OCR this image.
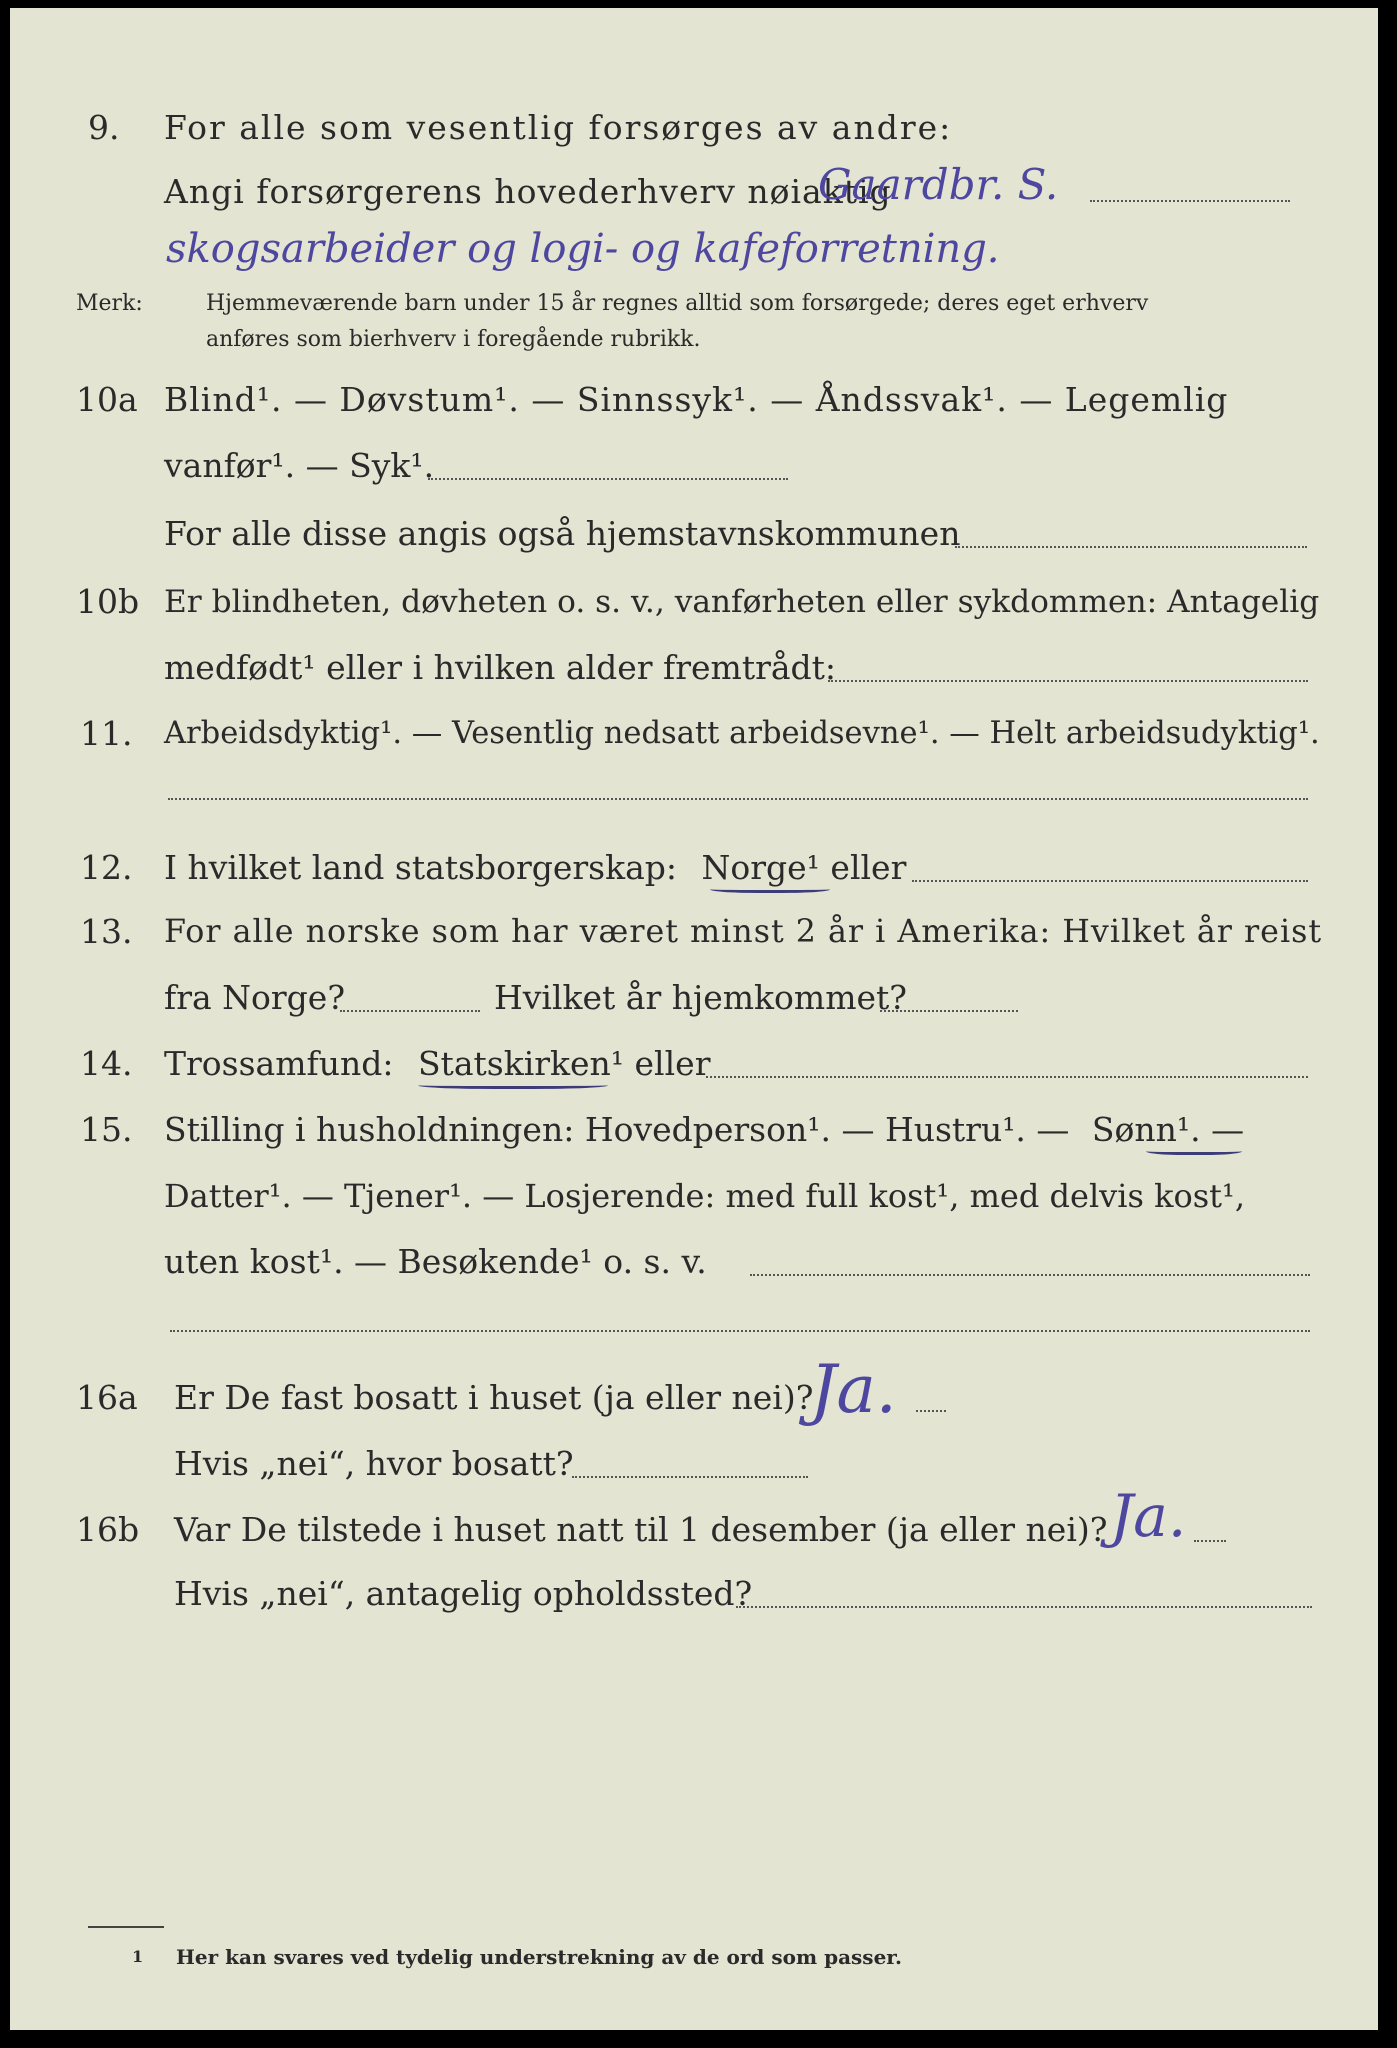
9. For alle som vesentlig forsørges av andre:
Angi forsørgerens hovederhverv nøiaktig
Gaardbr. S.
skogsarbeider og logi- og kafeforretning.
Merk:	Hjemmeværende barn under 15 år regnes alltid som forsørgede; deres eget erhverv
anføres som bierhverv i foregående rubrikk.
10a Blind¹. — Døvstum¹. — Sinnssyk¹. — Åndssvak¹. — Legemlig
vanfør¹. — Syk¹.
For alle disse angis også hjemstavnskommunen
10b Er blindheten, døvheten o. s. v., vanførheten eller sykdommen: Antagelig
medfødt¹ eller i hvilken alder fremtrådt:
11. Arbeidsdyktig¹. — Vesentlig nedsatt arbeidsevne¹. — Helt arbeidsudyktig¹.
12. I hvilket land statsborgerskap: Norge¹ eller
13. For alle norske som har været minst 2 år i Amerika: Hvilket år reist
fra Norge?	Hvilket år hjemkommet?
14. Trossamfund: Statskirken¹ eller
15. Stilling i husholdningen: Hovedperson¹. — Hustru¹. — Sønn¹. —
Datter¹. — Tjener¹. — Losjerende: med full kost¹, med delvis kost¹,
uten kost¹. — Besøkende¹ o. s. v.
16a Er De fast bosatt i huset (ja eller nei)?
Ja.
Hvis „nei“, hvor bosatt?
16b Var De tilstede i huset natt til 1 desember (ja eller nei)? Ja.
Hvis „nei“, antagelig opholdssted?
1 Her kan svares ved tydelig understrekning av de ord som passer.
